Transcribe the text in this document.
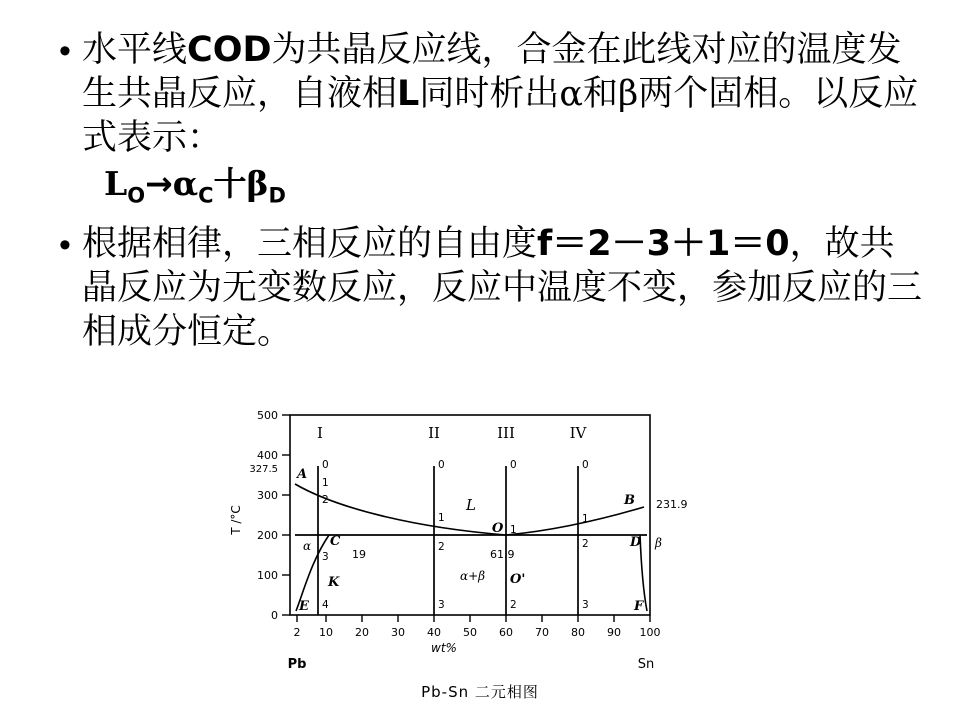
• 水平线COD为共晶反应线，合金在此线对应的温度发生共晶反应，自液相L同时析出α和β两个固相。以反应式表示：
$L_O\to\alpha_C$十$\beta_D$
• 根据相律，三相反应的自由度f＝2－3＋1＝0，故共晶反应为无变数反应，反应中温度不变，参加反应的三相成分恒定。
0
100
200
300
400
500
327.5
T /°C
2 10 20 30 40 50 60 70 80 90 100
wt%
Pb	Sn
I	II	III	IV
0
1
2
3
4
0
1
2
3
0
1
2
0
1
2
3
L
α	β
α+β
A
B
C	D
E	F
K
O
O'
19	61.9
231.9
Pb-Sn 二元相图
